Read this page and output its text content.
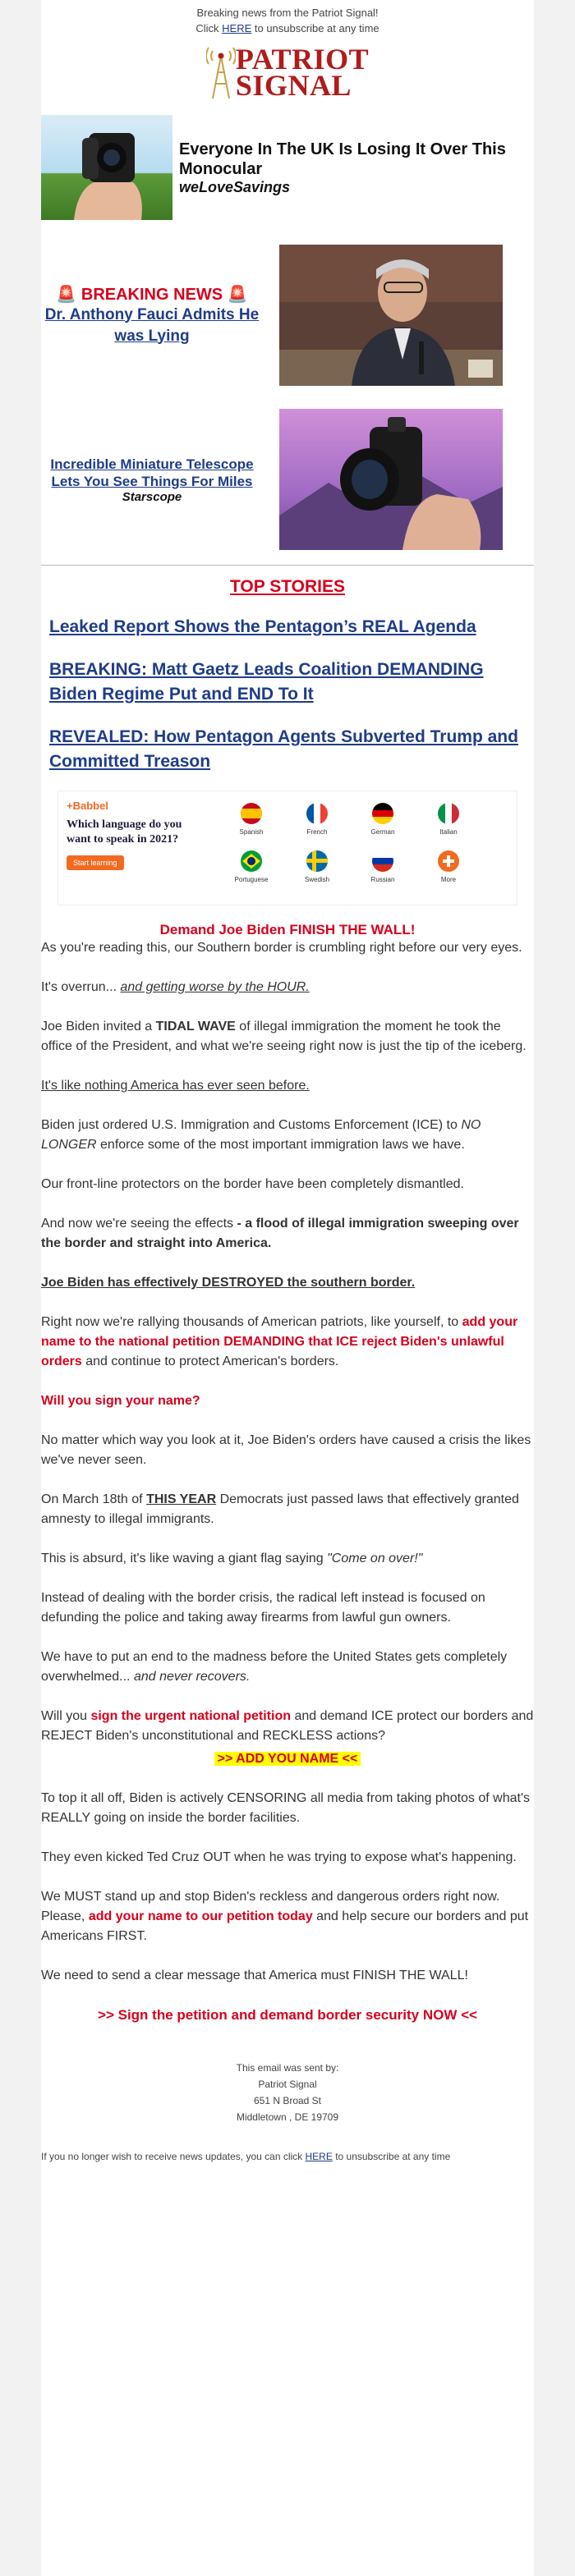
Breaking news from the Patriot Signal!
Click HERE to unsubscribe at any time
PATRIOT
SIGNAL
Everyone In The UK Is Losing It Over This Monocular
weLoveSavings
🚨 BREAKING NEWS 🚨
Dr. Anthony Fauci Admits He was Lying
Incredible Miniature Telescope Lets You See Things For Miles
Starscope
TOP STORIES
Leaked Report Shows the Pentagon’s REAL Agenda
BREAKING: Matt Gaetz Leads Coalition DEMANDING Biden Regime Put and END To It
REVEALED: How Pentagon Agents Subverted Trump and Committed Treason
+Babbel
Which language do you
want to speak in 2021?
Start learning
Spanish	French	German	Italian
Portuguese	Swedish	Russian	More
Demand Joe Biden FINISH THE WALL!

As you're reading this, our Southern border is crumbling right before our very eyes.

It's overrun... and getting worse by the HOUR.

Joe Biden invited a TIDAL WAVE of illegal immigration the moment he took the office of the President, and what we're seeing right now is just the tip of the iceberg.

It's like nothing America has ever seen before.

Biden just ordered U.S. Immigration and Customs Enforcement (ICE) to NO LONGER enforce some of the most important immigration laws we have.

Our front-line protectors on the border have been completely dismantled.

And now we're seeing the effects - a flood of illegal immigration sweeping over the border and straight into America.

Joe Biden has effectively DESTROYED the southern border.

Right now we're rallying thousands of American patriots, like yourself, to add your name to the national petition DEMANDING that ICE reject Biden's unlawful orders and continue to protect American's borders.

Will you sign your name?

No matter which way you look at it, Joe Biden's orders have caused a crisis the likes we've never seen.

On March 18th of THIS YEAR Democrats just passed laws that effectively granted amnesty to illegal immigrants.

This is absurd, it's like waving a giant flag saying "Come on over!"

Instead of dealing with the border crisis, the radical left instead is focused on defunding the police and taking away firearms from lawful gun owners.

We have to put an end to the madness before the United States gets completely overwhelmed... and never recovers.

Will you sign the urgent national petition and demand ICE protect our borders and REJECT Biden's unconstitutional and RECKLESS actions?

>> ADD YOU NAME <<

To top it all off, Biden is actively CENSORING all media from taking photos of what's REALLY going on inside the border facilities.

They even kicked Ted Cruz OUT when he was trying to expose what's happening.

We MUST stand up and stop Biden's reckless and dangerous orders right now. Please, add your name to our petition today and help secure our borders and put Americans FIRST.

We need to send a clear message that America must FINISH THE WALL!

>> Sign the petition and demand border security NOW <<
This email was sent by:
Patriot Signal
651 N Broad St
Middletown , DE 19709
If you no longer wish to receive news updates, you can click HERE to unsubscribe at any time
